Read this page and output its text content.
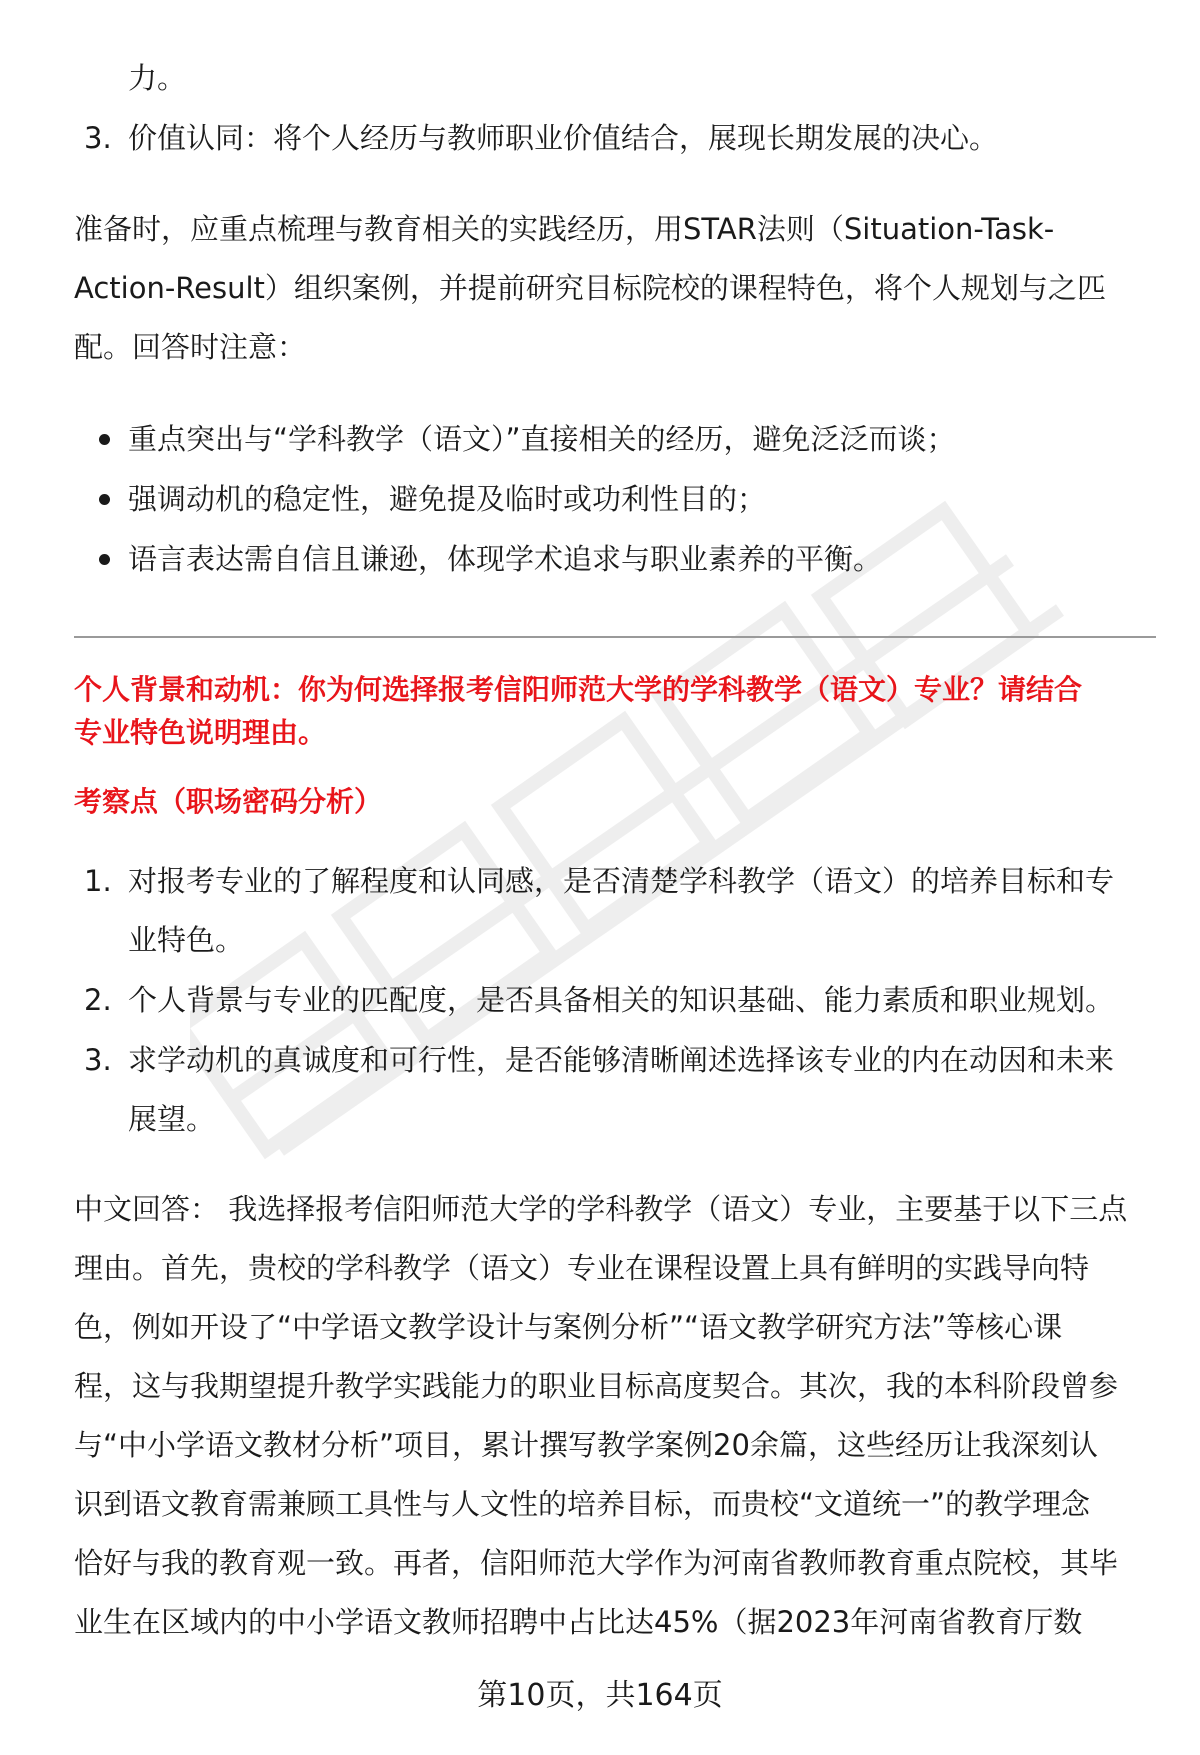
力。
3. 价值认同：将个人经历与教师职业价值结合，展现长期发展的决心。
准备时，应重点梳理与教育相关的实践经历，用STAR法则（Situation-Task-
Action-Result）组织案例，并提前研究目标院校的课程特色，将个人规划与之匹
配。回答时注意：
重点突出与“学科教学（语文）”直接相关的经历，避免泛泛而谈；
强调动机的稳定性，避免提及临时或功利性目的；
语言表达需自信且谦逊，体现学术追求与职业素养的平衡。
个人背景和动机：你为何选择报考信阳师范大学的学科教学（语文）专业？请结合
专业特色说明理由。
考察点（职场密码分析）
1. 对报考专业的了解程度和认同感，是否清楚学科教学（语文）的培养目标和专
业特色。
2. 个人背景与专业的匹配度，是否具备相关的知识基础、能力素质和职业规划。
3. 求学动机的真诚度和可行性，是否能够清晰阐述选择该专业的内在动因和未来
展望。
中文回答： 我选择报考信阳师范大学的学科教学（语文）专业，主要基于以下三点
理由。首先，贵校的学科教学（语文）专业在课程设置上具有鲜明的实践导向特
色，例如开设了“中学语文教学设计与案例分析”“语文教学研究方法”等核心课
程，这与我期望提升教学实践能力的职业目标高度契合。其次，我的本科阶段曾参
与“中小学语文教材分析”项目，累计撰写教学案例20余篇，这些经历让我深刻认
识到语文教育需兼顾工具性与人文性的培养目标，而贵校“文道统一”的教学理念
恰好与我的教育观一致。再者，信阳师范大学作为河南省教师教育重点院校，其毕
业生在区域内的中小学语文教师招聘中占比达45%（据2023年河南省教育厅数
第10页，共164页
